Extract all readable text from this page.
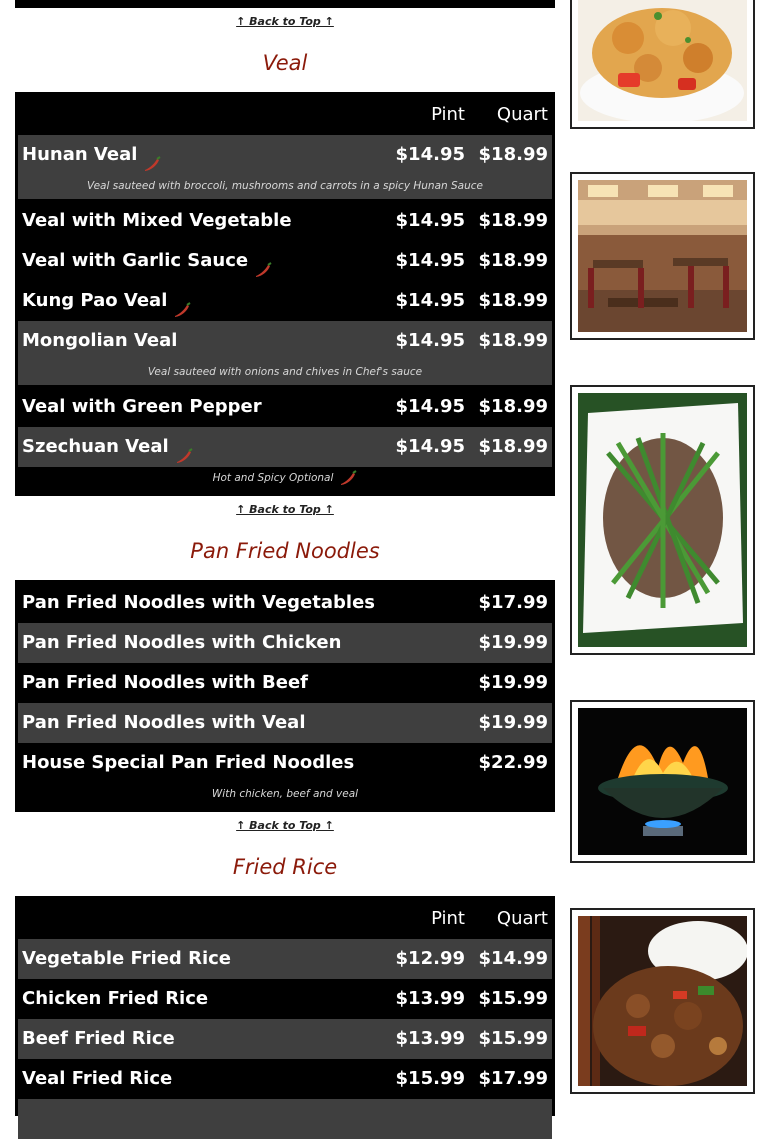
↑ Back to Top ↑
Veal
Pint Quart
Hunan Veal	$14.95 $18.99
Veal sauteed with broccoli, mushrooms and carrots in a spicy Hunan Sauce
Veal with Mixed Vegetable	$14.95 $18.99
Veal with Garlic Sauce	$14.95 $18.99
Kung Pao Veal	$14.95 $18.99
Mongolian Veal	$14.95 $18.99
Veal sauteed with onions and chives in Chef's sauce
Veal with Green Pepper	$14.95 $18.99
Szechuan Veal	$14.95 $18.99
Hot and Spicy Optional
↑ Back to Top ↑
Pan Fried Noodles
Pan Fried Noodles with Vegetables	$17.99
Pan Fried Noodles with Chicken	$19.99
Pan Fried Noodles with Beef	$19.99
Pan Fried Noodles with Veal	$19.99
House Special Pan Fried Noodles	$22.99
With chicken, beef and veal
↑ Back to Top ↑
Fried Rice
Pint Quart
Vegetable Fried Rice	$12.99 $14.99
Chicken Fried Rice	$13.99 $15.99
Beef Fried Rice	$13.99 $15.99
Veal Fried Rice	$15.99 $17.99
